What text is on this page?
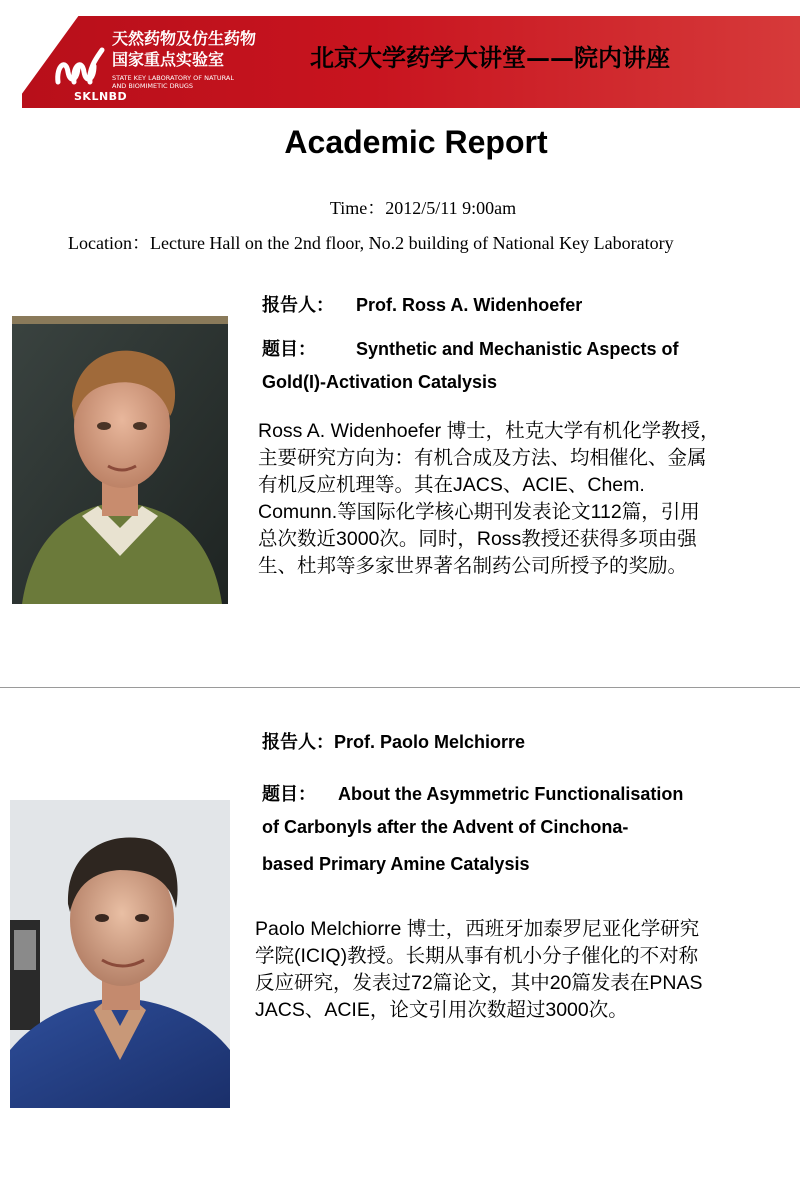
天然药物及仿生药物
国家重点实验室
STATE KEY LABORATORY OF NATURAL
AND BIOMIMETIC DRUGS
SKLNBD
北京大学药学大讲堂——院内讲座
Academic Report
Time：2012/5/11 9:00am
Location：Lecture Hall on the 2nd floor, No.2 building of National Key Laboratory
报告人： Prof. Ross A. Widenhoefer
题目： Synthetic and Mechanistic Aspects of
Gold(I)-Activation Catalysis
Ross A. Widenhoefer 博士，杜克大学有机化学教授，
主要研究方向为：有机合成及方法、均相催化、金属
有机反应机理等。其在JACS、ACIE、Chem.
Comunn.等国际化学核心期刊发表论文112篇，引用
总次数近3000次。同时，Ross教授还获得多项由强
生、杜邦等多家世界著名制药公司所授予的奖励。
报告人：Prof. Paolo Melchiorre
题目： About the Asymmetric Functionalisation
of Carbonyls after the Advent of Cinchona-
based Primary Amine Catalysis
Paolo Melchiorre 博士，西班牙加泰罗尼亚化学研究
学院(ICIQ)教授。长期从事有机小分子催化的不对称
反应研究，发表过72篇论文，其中20篇发表在PNAS
JACS、ACIE，论文引用次数超过3000次。
